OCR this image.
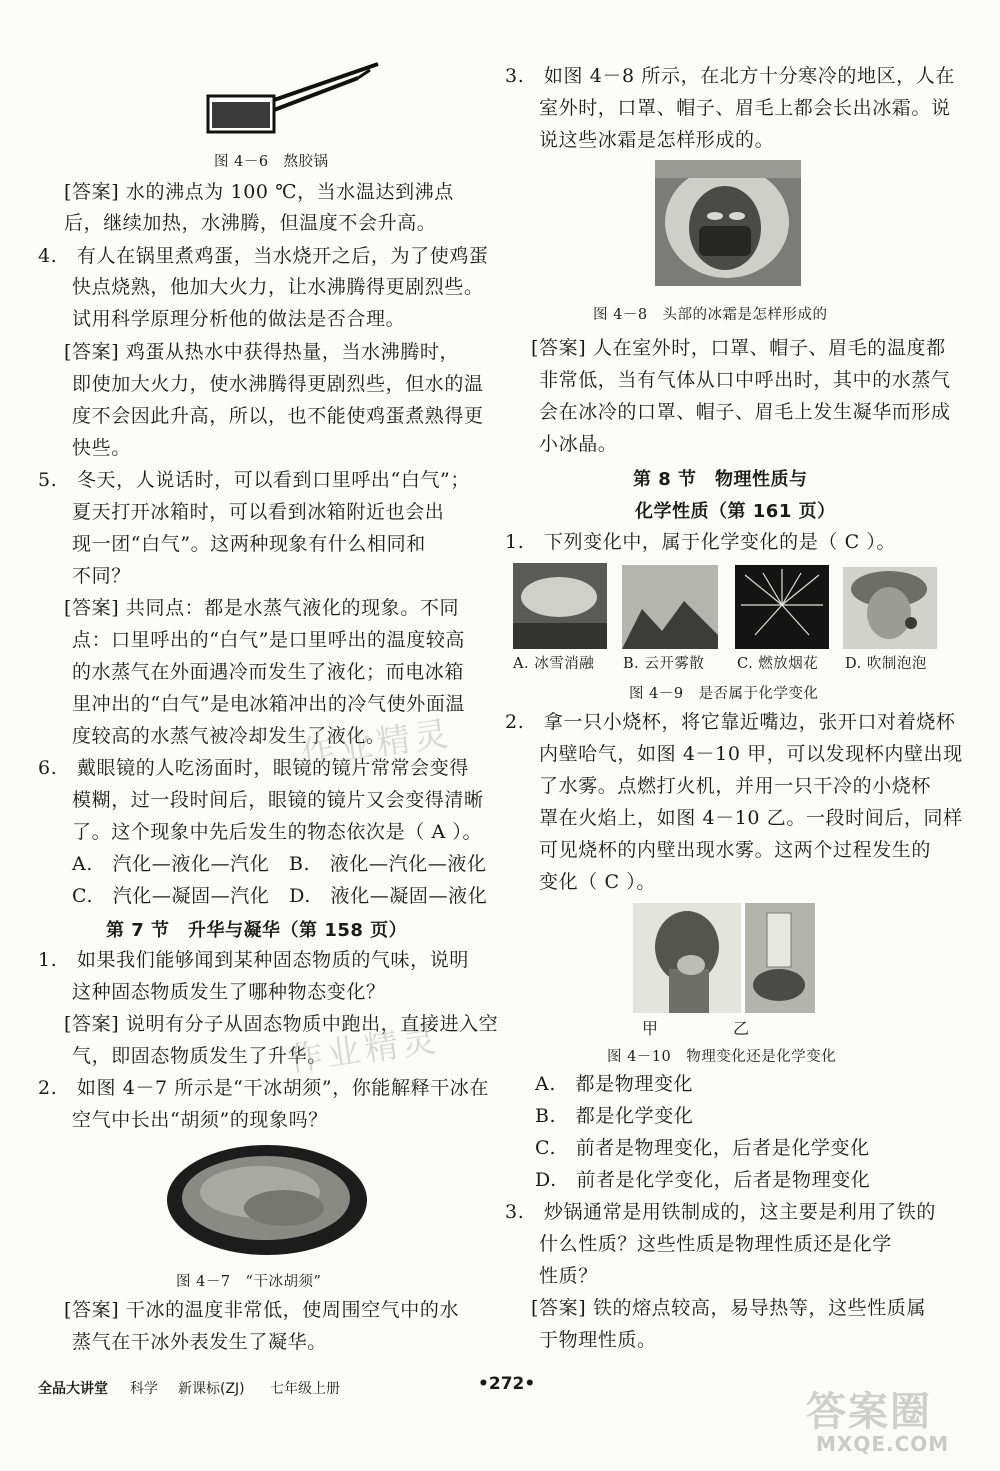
图 4－6　熬胶锅
[答案] 水的沸点为 100 ℃，当水温达到沸点
后，继续加热，水沸腾，但温度不会升高。
4.　有人在锅里煮鸡蛋，当水烧开之后，为了使鸡蛋
快点烧熟，他加大火力，让水沸腾得更剧烈些。
试用科学原理分析他的做法是否合理。
[答案] 鸡蛋从热水中获得热量，当水沸腾时，
即使加大火力，使水沸腾得更剧烈些，但水的温
度不会因此升高，所以，也不能使鸡蛋煮熟得更
快些。
5.　冬天，人说话时，可以看到口里呼出“白气”；
夏天打开冰箱时，可以看到冰箱附近也会出
现一团“白气”。这两种现象有什么相同和
不同？
[答案] 共同点：都是水蒸气液化的现象。不同
点：口里呼出的“白气”是口里呼出的温度较高
的水蒸气在外面遇冷而发生了液化；而电冰箱
里冲出的“白气”是电冰箱冲出的冷气使外面温
度较高的水蒸气被冷却发生了液化。
6.　戴眼镜的人吃汤面时，眼镜的镜片常常会变得
模糊，过一段时间后，眼镜的镜片又会变得清晰
了。这个现象中先后发生的物态依次是（ A ）。
A.　汽化—液化—汽化　B.　液化—汽化—液化
C.　汽化—凝固—汽化　D.　液化—凝固—液化
第 7 节　升华与凝华（第 158 页）
1.　如果我们能够闻到某种固态物质的气味，说明
这种固态物质发生了哪种物态变化？
[答案] 说明有分子从固态物质中跑出，直接进入空
气，即固态物质发生了升华。
2.　如图 4－7 所示是“干冰胡须”，你能解释干冰在
空气中长出“胡须”的现象吗？
图 4－7　“干冰胡须”
[答案] 干冰的温度非常低，使周围空气中的水
蒸气在干冰外表发生了凝华。
3.　如图 4－8 所示，在北方十分寒冷的地区，人在
室外时，口罩、帽子、眉毛上都会长出冰霜。说
说这些冰霜是怎样形成的。
图 4－8　头部的冰霜是怎样形成的
[答案] 人在室外时，口罩、帽子、眉毛的温度都
非常低，当有气体从口中呼出时，其中的水蒸气
会在冰冷的口罩、帽子、眉毛上发生凝华而形成
小冰晶。
第 8 节　物理性质与
化学性质（第 161 页）
1.　下列变化中，属于化学变化的是（ C ）。
A. 冰雪消融 B. 云开雾散 C. 燃放烟花 D. 吹制泡泡
图 4－9　是否属于化学变化
2.　拿一只小烧杯，将它靠近嘴边，张开口对着烧杯
内壁哈气，如图 4－10 甲，可以发现杯内壁出现
了水雾。点燃打火机，并用一只干冷的小烧杯
罩在火焰上，如图 4－10 乙。一段时间后，同样
可见烧杯的内壁出现水雾。这两个过程发生的
变化（ C ）。
甲	乙
图 4－10　物理变化还是化学变化
A.　都是物理变化
B.　都是化学变化
C.　前者是物理变化，后者是化学变化
D.　前者是化学变化，后者是物理变化
3.　炒锅通常是用铁制成的，这主要是利用了铁的
什么性质？这些性质是物理性质还是化学
性质？
[答案] 铁的熔点较高，易导热等，这些性质属
于物理性质。
作业精灵
作业精灵
全品大讲堂 科学 新课标(ZJ) 七年级上册	•272•
答案圈
MXQE.COM
